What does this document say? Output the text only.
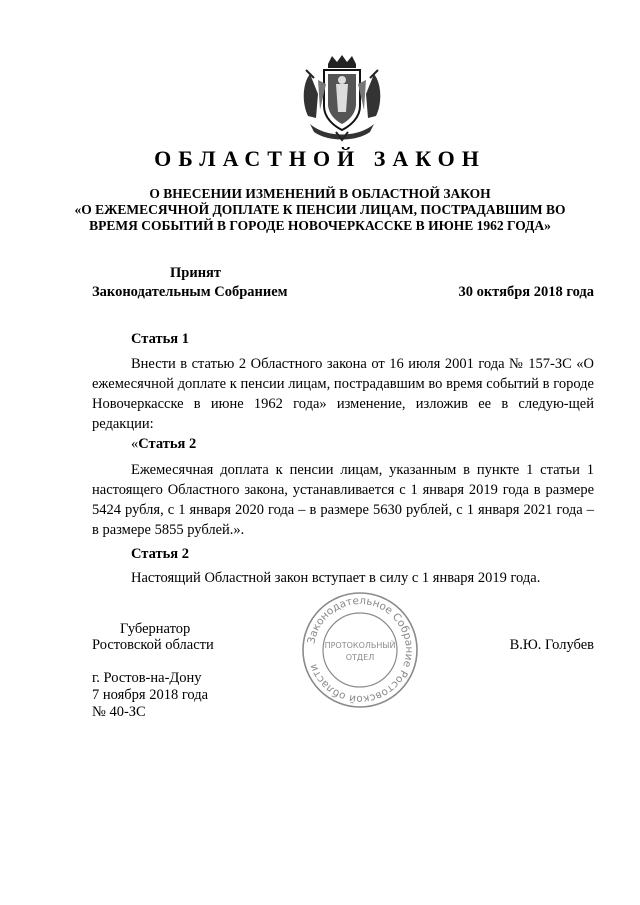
ОБЛАСТНОЙ ЗАКОН
О ВНЕСЕНИИ ИЗМЕНЕНИЙ В ОБЛАСТНОЙ ЗАКОН
«О ЕЖЕМЕСЯЧНОЙ ДОПЛАТЕ К ПЕНСИИ ЛИЦАМ, ПОСТРАДАВШИМ ВО
ВРЕМЯ СОБЫТИЙ В ГОРОДЕ НОВОЧЕРКАССКЕ В ИЮНЕ 1962 ГОДА»
Принят
Законодательным Собранием	30 октября 2018 года
Статья 1

Внести в статью 2 Областного закона от 16 июля 2001 года № 157-ЗС «О ежемесячной доплате к пенсии лицам, пострадавшим во время событий в городе Новочеркасске в июне 1962 года» изменение, изложив ее в следую-щей редакции:

«Статья 2

Ежемесячная доплата к пенсии лицам, указанным в пункте 1 статьи 1 настоящего Областного закона, устанавливается с 1 января 2019 года в размере 5424 рубля, с 1 января 2020 года – в размере 5630 рублей, с 1 января 2021 года – в размере 5855 рублей.».

Статья 2

Настоящий Областной закон вступает в силу с 1 января 2019 года.

Губернатор
Ростовской области	В.Ю. Голубев
г. Ростов-на-Дону
7 ноября 2018 года
№ 40-ЗС
Законодательное Собрание Ростовской области
ПРОТОКОЛЬНЫЙ
ОТДЕЛ
